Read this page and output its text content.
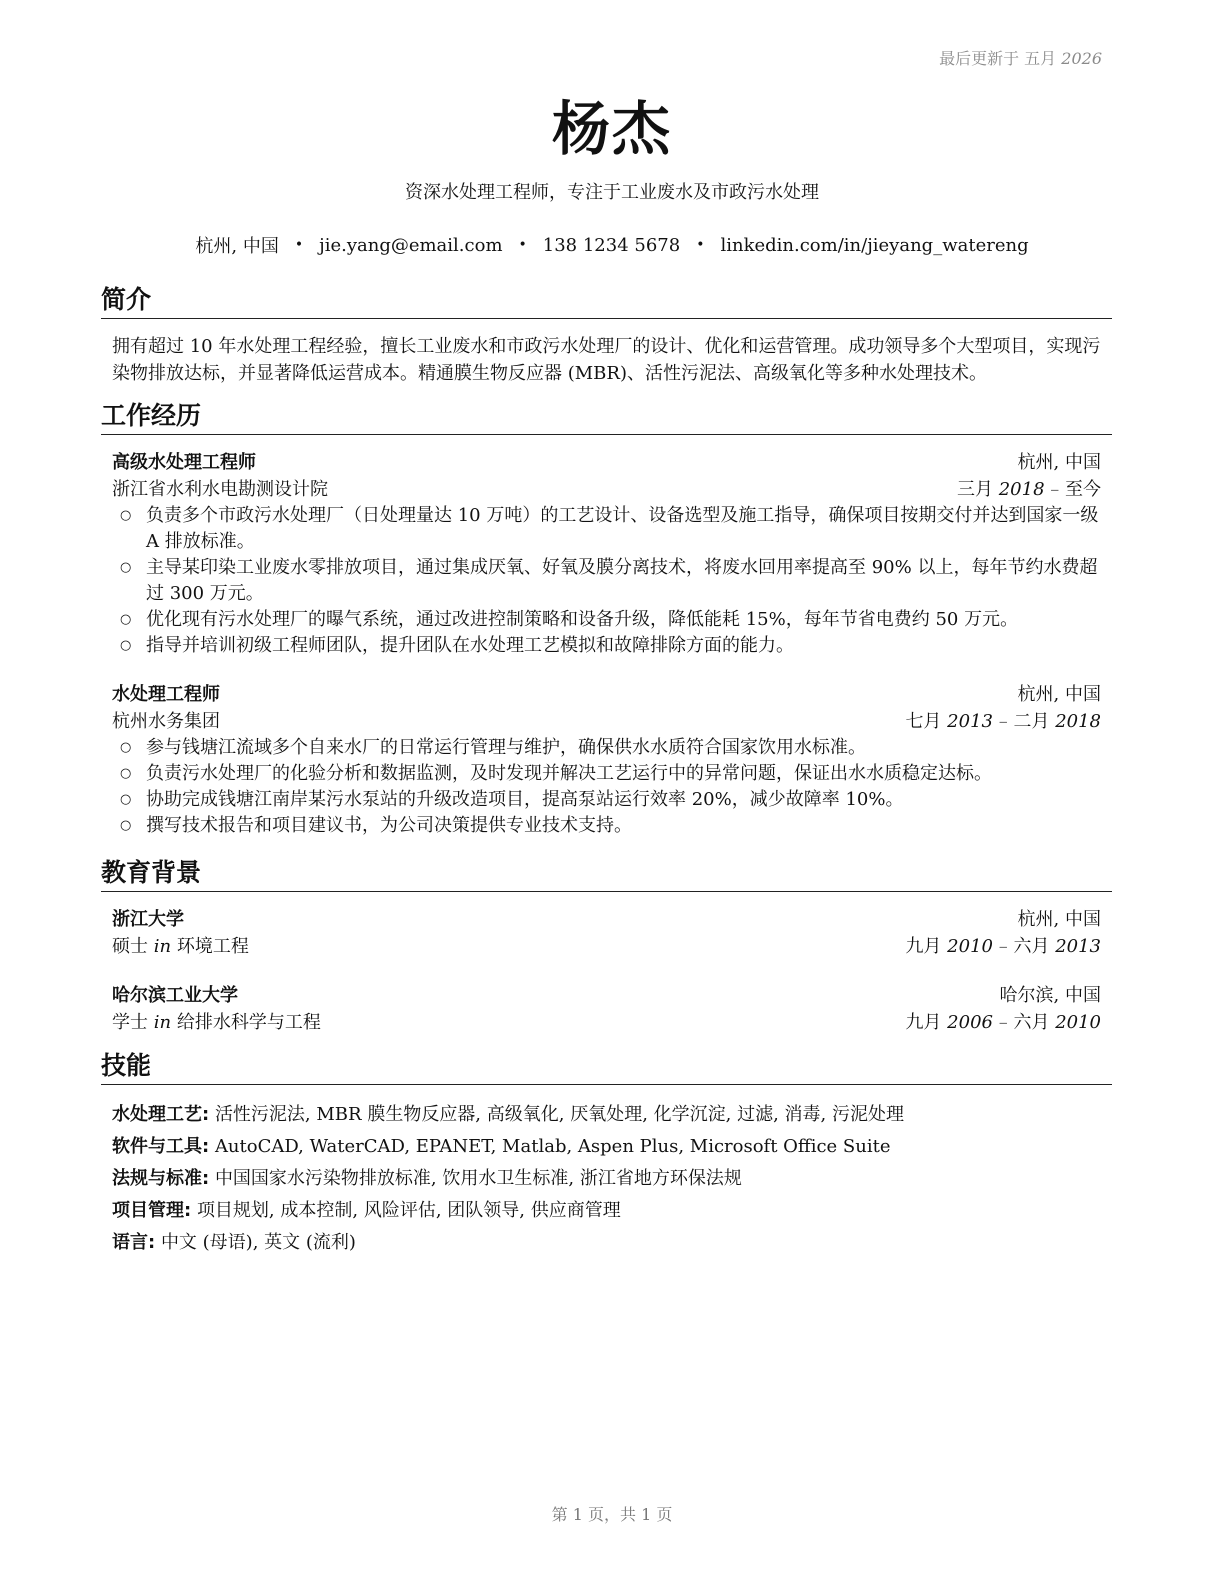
最后更新于 五月 2026
杨杰
资深水处理工程师，专注于工业废水及市政污水处理
杭州, 中国 • jie.yang@email.com • 138 1234 5678 • linkedin.com/in/jieyang_watereng
简介
拥有超过 10 年水处理工程经验，擅长工业废水和市政污水处理厂的设计、优化和运营管理。成功领导多个大型项目，实现污染物排放达标，并显著降低运营成本。精通膜生物反应器 (MBR)、活性污泥法、高级氧化等多种水处理技术。
工作经历
高级水处理工程师	杭州, 中国
浙江省水利水电勘测设计院	三月 2018 – 至今
○ 负责多个市政污水处理厂（日处理量达 10 万吨）的工艺设计、设备选型及施工指导，确保项目按期交付并达到国家一级 A 排放标准。
○ 主导某印染工业废水零排放项目，通过集成厌氧、好氧及膜分离技术，将废水回用率提高至 90% 以上，每年节约水费超过 300 万元。
○ 优化现有污水处理厂的曝气系统，通过改进控制策略和设备升级，降低能耗 15%，每年节省电费约 50 万元。
○ 指导并培训初级工程师团队，提升团队在水处理工艺模拟和故障排除方面的能力。
水处理工程师	杭州, 中国
杭州水务集团	七月 2013 – 二月 2018
○ 参与钱塘江流域多个自来水厂的日常运行管理与维护，确保供水水质符合国家饮用水标准。
○ 负责污水处理厂的化验分析和数据监测，及时发现并解决工艺运行中的异常问题，保证出水水质稳定达标。
○ 协助完成钱塘江南岸某污水泵站的升级改造项目，提高泵站运行效率 20%，减少故障率 10%。
○ 撰写技术报告和项目建议书，为公司决策提供专业技术支持。
教育背景
浙江大学	杭州, 中国
硕士 in 环境工程	九月 2010 – 六月 2013
哈尔滨工业大学	哈尔滨, 中国
学士 in 给排水科学与工程	九月 2006 – 六月 2010
技能
水处理工艺: 活性污泥法, MBR 膜生物反应器, 高级氧化, 厌氧处理, 化学沉淀, 过滤, 消毒, 污泥处理
软件与工具: AutoCAD, WaterCAD, EPANET, Matlab, Aspen Plus, Microsoft Office Suite
法规与标准: 中国国家水污染物排放标准, 饮用水卫生标准, 浙江省地方环保法规
项目管理: 项目规划, 成本控制, 风险评估, 团队领导, 供应商管理
语言: 中文 (母语), 英文 (流利)
第 1 页，共 1 页
